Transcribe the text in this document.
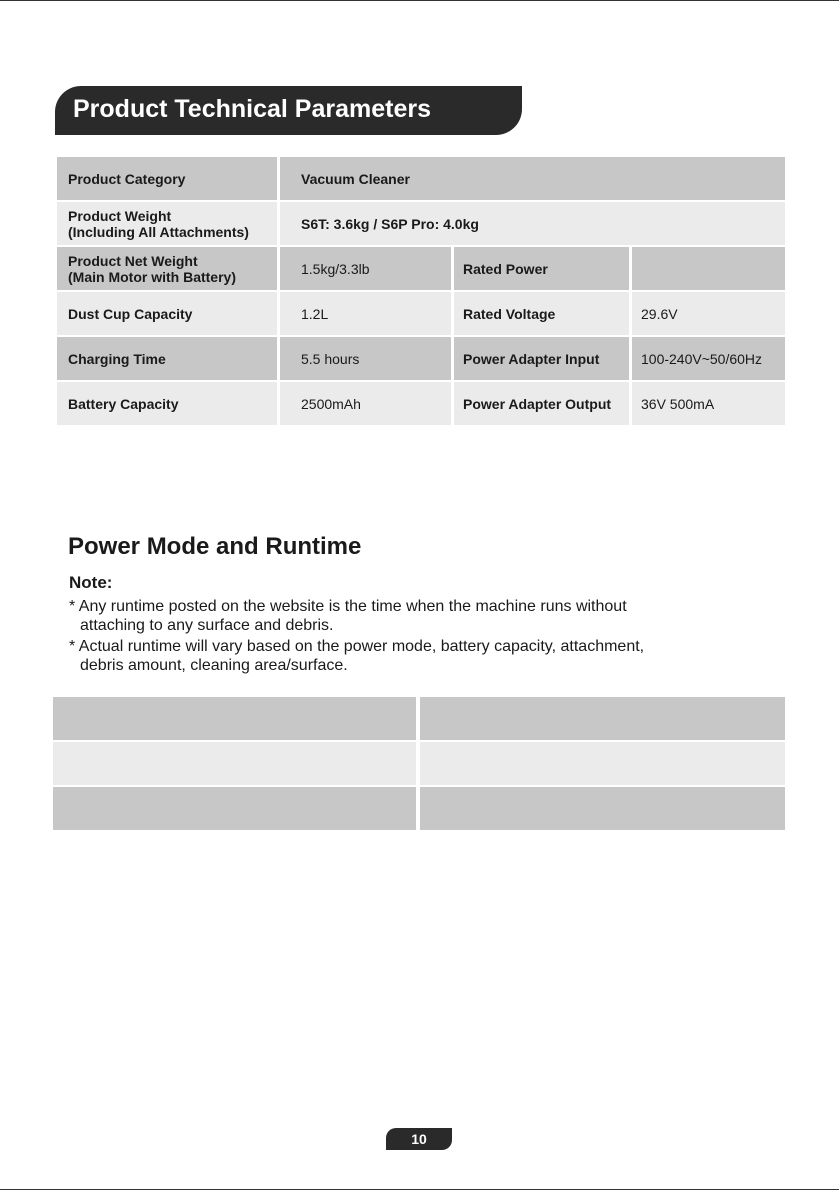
Product Technical Parameters
Product Category	Vacuum Cleaner
Product Weight
(Including All Attachments)	S6T: 3.6kg / S6P Pro: 4.0kg
Product Net Weight
(Main Motor with Battery)	1.5kg/3.3lb	Rated Power
Dust Cup Capacity	1.2L	Rated Voltage	29.6V
Charging Time	5.5 hours	Power Adapter Input	100-240V~50/60Hz
Battery Capacity	2500mAh	Power Adapter Output	36V 500mA
Power Mode and Runtime
Note:
* Any runtime posted on the website is the time when the machine runs without
attaching to any surface and debris.
* Actual runtime will vary based on the power mode, battery capacity, attachment,
debris amount, cleaning area/surface.
10
